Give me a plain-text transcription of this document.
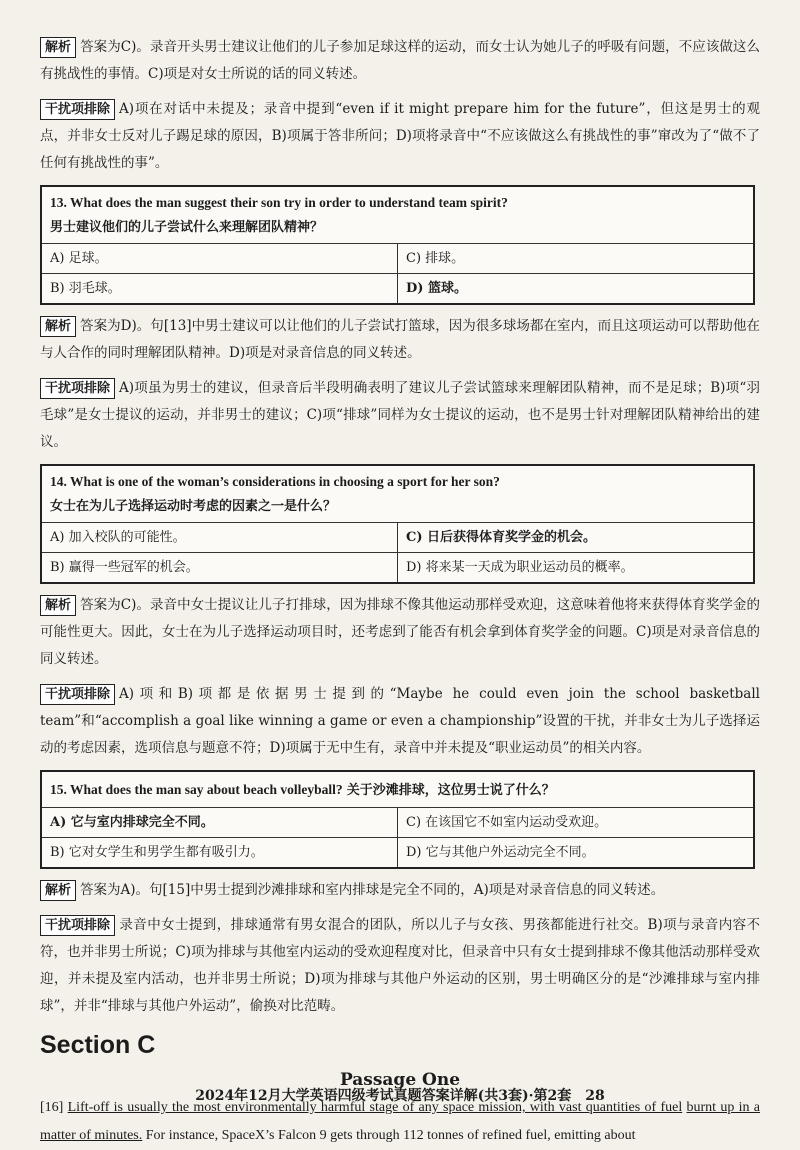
解析 答案为C)。录音开头男士建议让他们的儿子参加足球这样的运动，而女士认为她儿子的呼吸有问题，不应该做这么有挑战性的事情。C)项是对女士所说的话的同义转述。

干扰项排除 A)项在对话中未提及；录音中提到“even if it might prepare him for the future”，但这是男士的观点，并非女士反对儿子踢足球的原因，B)项属于答非所问；D)项将录音中“不应该做这么有挑战性的事”窜改为了“做不了任何有挑战性的事”。

13. What does the man suggest their son try in order to understand team spirit?
男士建议他们的儿子尝试什么来理解团队精神？	

A) 足球。	C) 排球。
B) 羽毛球。	D) 篮球。

解析 答案为D)。句[13]中男士建议可以让他们的儿子尝试打篮球，因为很多球场都在室内，而且这项运动可以帮助他在与人合作的同时理解团队精神。D)项是对录音信息的同义转述。

干扰项排除 A)项虽为男士的建议，但录音后半段明确表明了建议儿子尝试篮球来理解团队精神，而不是足球；B)项“羽毛球”是女士提议的运动，并非男士的建议；C)项“排球”同样为女士提议的运动，也不是男士针对理解团队精神给出的建议。

14. What is one of the woman’s considerations in choosing a sport for her son?
女士在为儿子选择运动时考虑的因素之一是什么？	

A) 加入校队的可能性。	C) 日后获得体育奖学金的机会。
B) 赢得一些冠军的机会。	D) 将来某一天成为职业运动员的概率。

解析 答案为C)。录音中女士提议让儿子打排球，因为排球不像其他运动那样受欢迎，这意味着他将来获得体育奖学金的可能性更大。因此，女士在为儿子选择运动项目时，还考虑到了能否有机会拿到体育奖学金的问题。C)项是对录音信息的同义转述。

干扰项排除 A)项和B)项都是依据男士提到的“Maybe he could even join the school basketball team”和“accomplish a goal like winning a game or even a championship”设置的干扰，并非女士为儿子选择运动的考虑因素，选项信息与题意不符；D)项属于无中生有，录音中并未提及“职业运动员”的相关内容。

15. What does the man say about beach volleyball? 关于沙滩排球，这位男士说了什么？	
A) 它与室内排球完全不同。	C) 在该国它不如室内运动受欢迎。
B) 它对女学生和男学生都有吸引力。	D) 它与其他户外运动完全不同。

解析 答案为A)。句[15]中男士提到沙滩排球和室内排球是完全不同的，A)项是对录音信息的同义转述。

干扰项排除 录音中女士提到，排球通常有男女混合的团队，所以儿子与女孩、男孩都能进行社交。B)项与录音内容不符，也并非男士所说；C)项为排球与其他室内运动的受欢迎程度对比，但录音中只有女士提到排球不像其他活动那样受欢迎，并未提及室内活动，也并非男士所说；D)项为排球与其他户外运动的区别，男士明确区分的是“沙滩排球与室内排球”，并非“排球与其他户外运动”，偷换对比范畴。

Section C
Passage One

[16] Lift-off is usually the most environmentally harmful stage of any space mission, with vast quantities of fuel burnt up in a matter of minutes. For instance, SpaceX’s Falcon 9 gets through 112 tonnes of refined fuel, emitting about

2024年12月大学英语四级考试真题答案详解(共3套)·第2套　28
